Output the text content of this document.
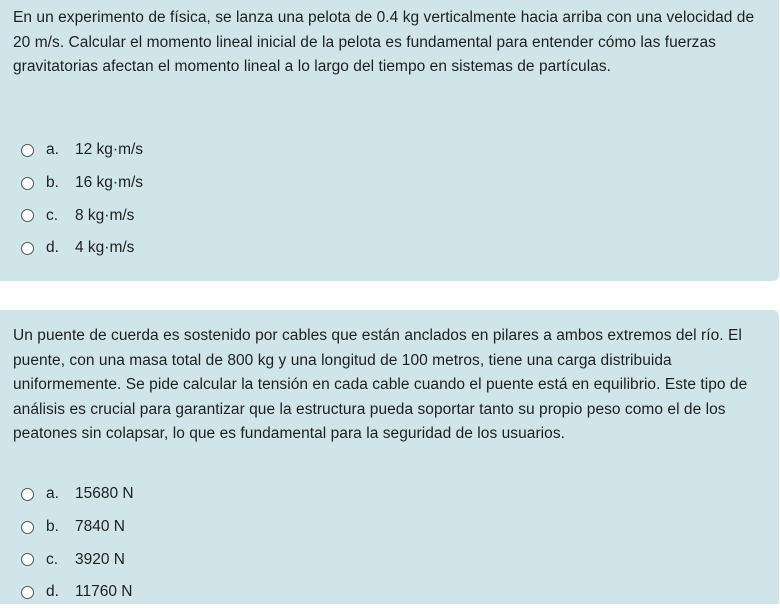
En un experimento de física, se lanza una pelota de 0.4 kg verticalmente hacia arriba con una velocidad de 20 m/s. Calcular el momento lineal inicial de la pelota es fundamental para entender cómo las fuerzas gravitatorias afectan el momento lineal a lo largo del tiempo en sistemas de partículas.
a.	12 kg·m/s
b.	16 kg·m/s
c.	8 kg·m/s
d.	4 kg·m/s
Un puente de cuerda es sostenido por cables que están anclados en pilares a ambos extremos del río. El puente, con una masa total de 800 kg y una longitud de 100 metros, tiene una carga distribuida uniformemente. Se pide calcular la tensión en cada cable cuando el puente está en equilibrio. Este tipo de análisis es crucial para garantizar que la estructura pueda soportar tanto su propio peso como el de los peatones sin colapsar, lo que es fundamental para la seguridad de los usuarios.
a.	15680 N
b.	7840 N
c.	3920 N
d.	11760 N
